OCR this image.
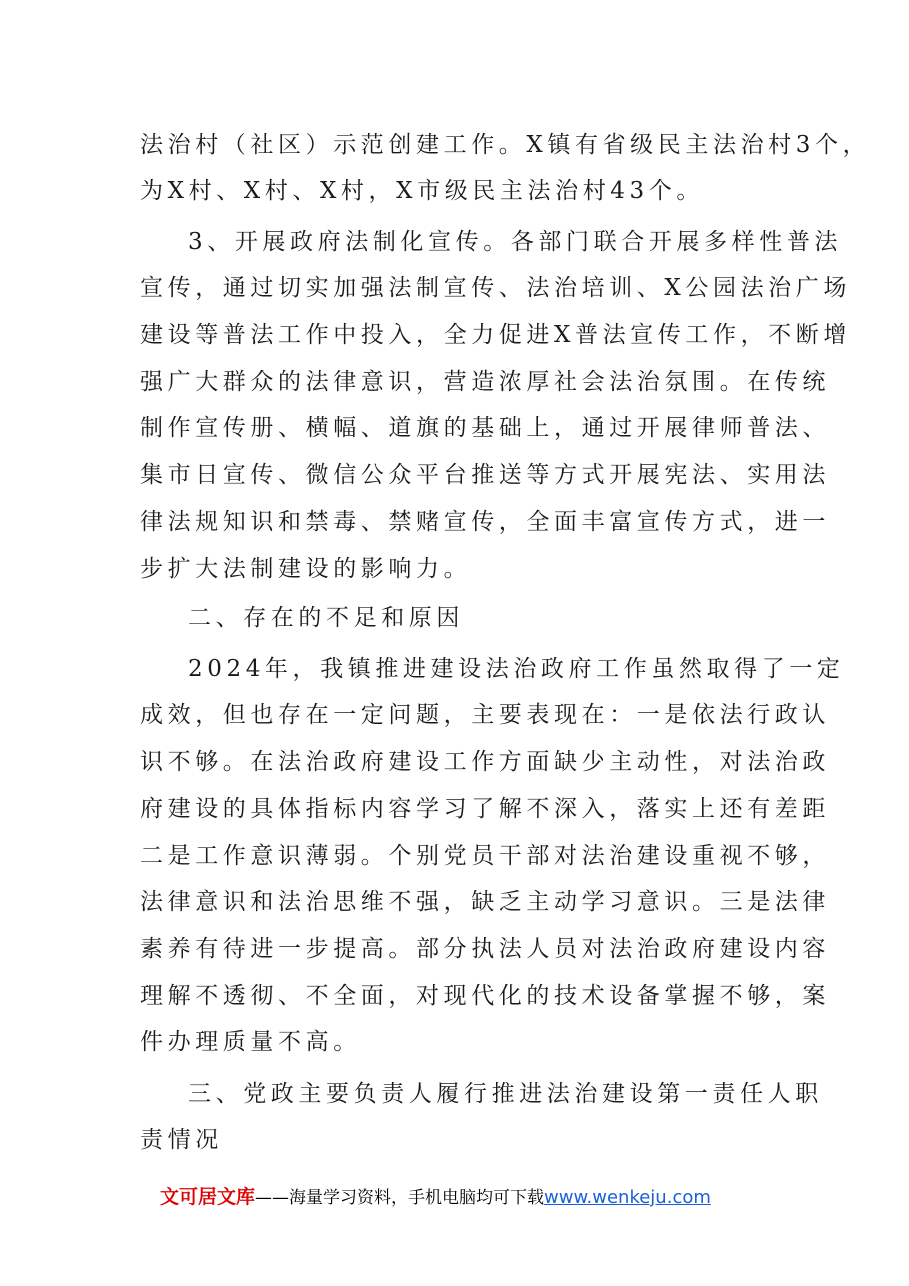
法治村（社区）示范创建工作。X镇有省级民主法治村3个，

为X村、X村、X村，X市级民主法治村43个。

3、开展政府法制化宣传。各部门联合开展多样性普法

宣传，通过切实加强法制宣传、法治培训、X公园法治广场

建设等普法工作中投入，全力促进X普法宣传工作，不断增

强广大群众的法律意识，营造浓厚社会法治氛围。在传统

制作宣传册、横幅、道旗的基础上，通过开展律师普法、

集市日宣传、微信公众平台推送等方式开展宪法、实用法

律法规知识和禁毒、禁赌宣传，全面丰富宣传方式，进一

步扩大法制建设的影响力。

二、存在的不足和原因

2024年，我镇推进建设法治政府工作虽然取得了一定

成效，但也存在一定问题，主要表现在：一是依法行政认

识不够。在法治政府建设工作方面缺少主动性，对法治政

府建设的具体指标内容学习了解不深入，落实上还有差距

二是工作意识薄弱。个别党员干部对法治建设重视不够，

法律意识和法治思维不强，缺乏主动学习意识。三是法律

素养有待进一步提高。部分执法人员对法治政府建设内容

理解不透彻、不全面，对现代化的技术设备掌握不够，案

件办理质量不高。

三、党政主要负责人履行推进法治建设第一责任人职

责情况

文可居文库——海量学习资料，手机电脑均可下载www.wenkeju.com
